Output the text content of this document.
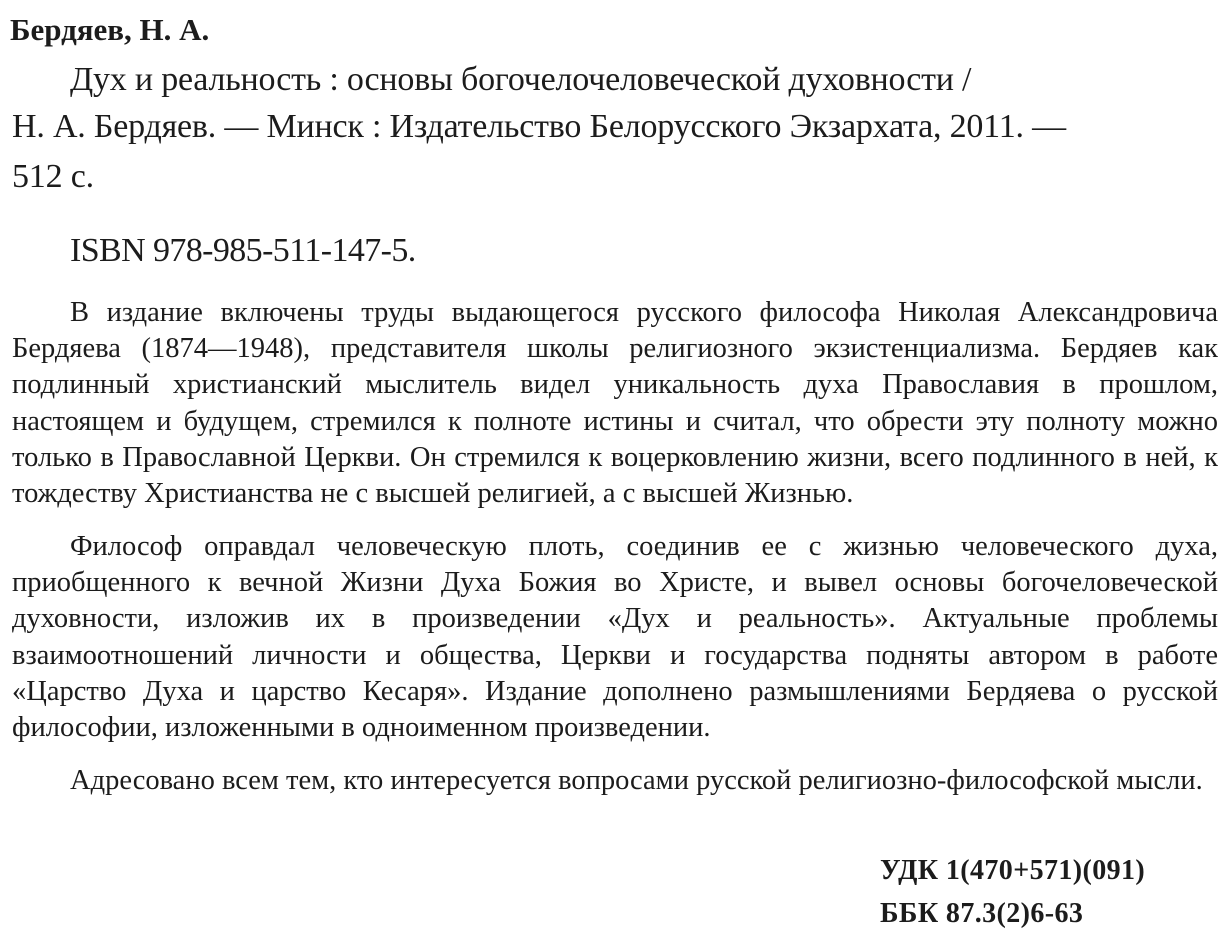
Бердяев, Н. А.
Дух и реальность : основы богочелочеловеческой духовности /
Н. А. Бердяев. — Минск : Издательство Белорусского Экзархата, 2011. —
512 с.
ISBN 978-985-511-147-5.
В издание включены труды выдающегося русского философа Николая Александровича Бердяева (1874—1948), представителя школы религиозного экзистенциализма. Бердяев как подлинный христианский мыслитель видел уникальность духа Православия в прошлом, настоящем и будущем, стремился к полноте истины и считал, что обрести эту полноту можно только в Православной Церкви. Он стремился к воцерковлению жизни, всего подлинного в ней, к тождеству Христианства не с высшей религией, а с высшей Жизнью.
Философ оправдал человеческую плоть, соединив ее с жизнью человеческого духа, приобщенного к вечной Жизни Духа Божия во Христе, и вывел основы богочеловеческой духовности, изложив их в произведении «Дух и реальность». Актуальные проблемы взаимоотношений личности и общества, Церкви и государства подняты автором в работе «Царство Духа и царство Кесаря». Издание дополнено размышлениями Бердяева о русской философии, изложенными в одноименном произведении.
Адресовано всем тем, кто интересуется вопросами русской религиозно-философской мысли.
УДК 1(470+571)(091)
ББК 87.3(2)6-63
